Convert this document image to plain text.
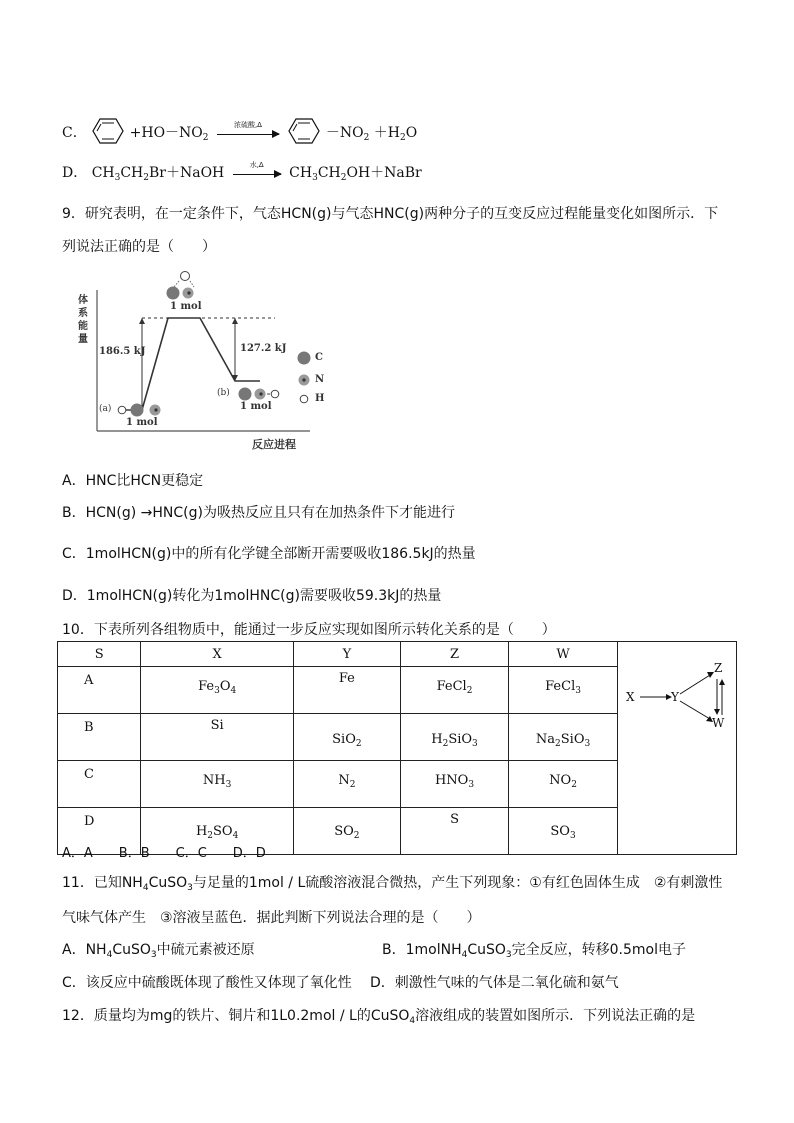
C．	$+HO-NO_2$
浓硫酸,Δ	$-NO_2 +H_2O$
D． $CH_3CH_2Br+NaOH$	水,Δ	$CH_3CH_2OH+NaBr$
9．研究表明，在一定条件下，气态HCN(g)与气态HNC(g)两种分子的互变反应过程能量变化如图所示．下
列说法正确的是（　　）
体
系
能
量
反应进程
1 mol
1 mol
1 mol
(a)
(b)
186.5 kJ	127.2 kJ
C
N
H
A．HNC比HCN更稳定
B．HCN(g) →HNC(g)为吸热反应且只有在加热条件下才能进行
C．1molHCN(g)中的所有化学键全部断开需要吸收186.5kJ的热量
D．1molHCN(g)转化为1molHNC(g)需要吸收59.3kJ的热量
10．下表所列各组物质中，能通过一步反应实现如图所示转化关系的是（　　）
S	X	Y	Z	W	X Y
Z
W

A	$Fe_3O_4$	Fe	FeCl$_2$	FeCl$_3$

B	Si	SiO$_2$	$H_2SiO_3$	$Na_2SiO_3$

C	$NH_3$	$N_2$	$HNO_3$	$NO_2$

D	$H_2SO_4$	$SO_2$	S	$SO_3$
A．A　　B．B　　C．C　　D．D
11．已知$NH_4CuSO_3$与足量的1mol / L硫酸溶液混合微热，产生下列现象：①有红色固体生成　②有刺激性
气味气体产生　③溶液呈蓝色．据此判断下列说法合理的是（　　）
A．$NH_4CuSO_3$中硫元素被还原	B．1molNH$_4$CuSO$_3$完全反应，转移0.5mol电子
C．该反应中硫酸既体现了酸性又体现了氧化性 D．刺激性气味的气体是二氧化硫和氨气
12．质量均为mg的铁片、铜片和1L0.2mol / L的CuSO$_4$溶液组成的装置如图所示．下列说法正确的是
